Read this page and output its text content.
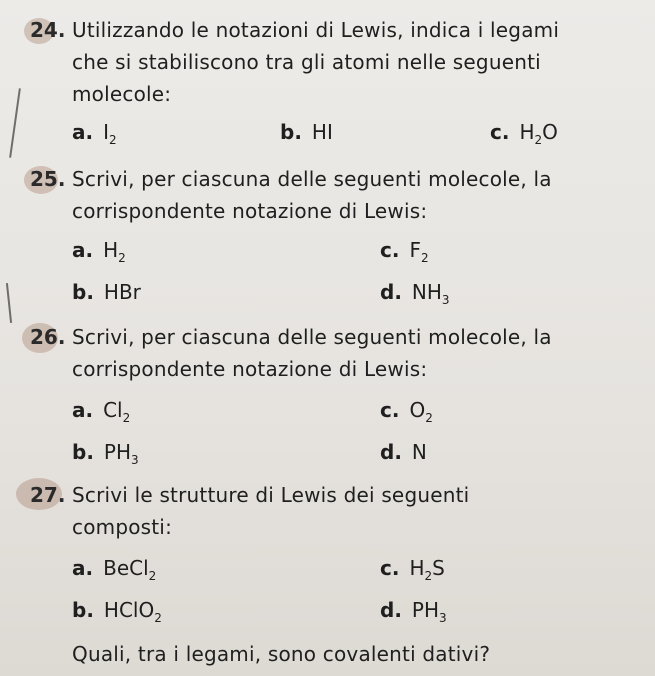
24. Utilizzando le notazioni di Lewis, indica i legami
che si stabiliscono tra gli atomi nelle seguenti
molecole:
a. $I_2$	b. HI	c. $H_2O$
25. Scrivi, per ciascuna delle seguenti molecole, la
corrispondente notazione di Lewis:
a. $H_2$	c. $F_2$
b. HBr	d. $NH_3$
26. Scrivi, per ciascuna delle seguenti molecole, la
corrispondente notazione di Lewis:
a. $Cl_2$	c. $O_2$
b. $PH_3$	d. N
27. Scrivi le strutture di Lewis dei seguenti
composti:
a. BeCl$_2$	c. $H_2S$
b. HClO$_2$	d. $PH_3$
Quali, tra i legami, sono covalenti dativi?
